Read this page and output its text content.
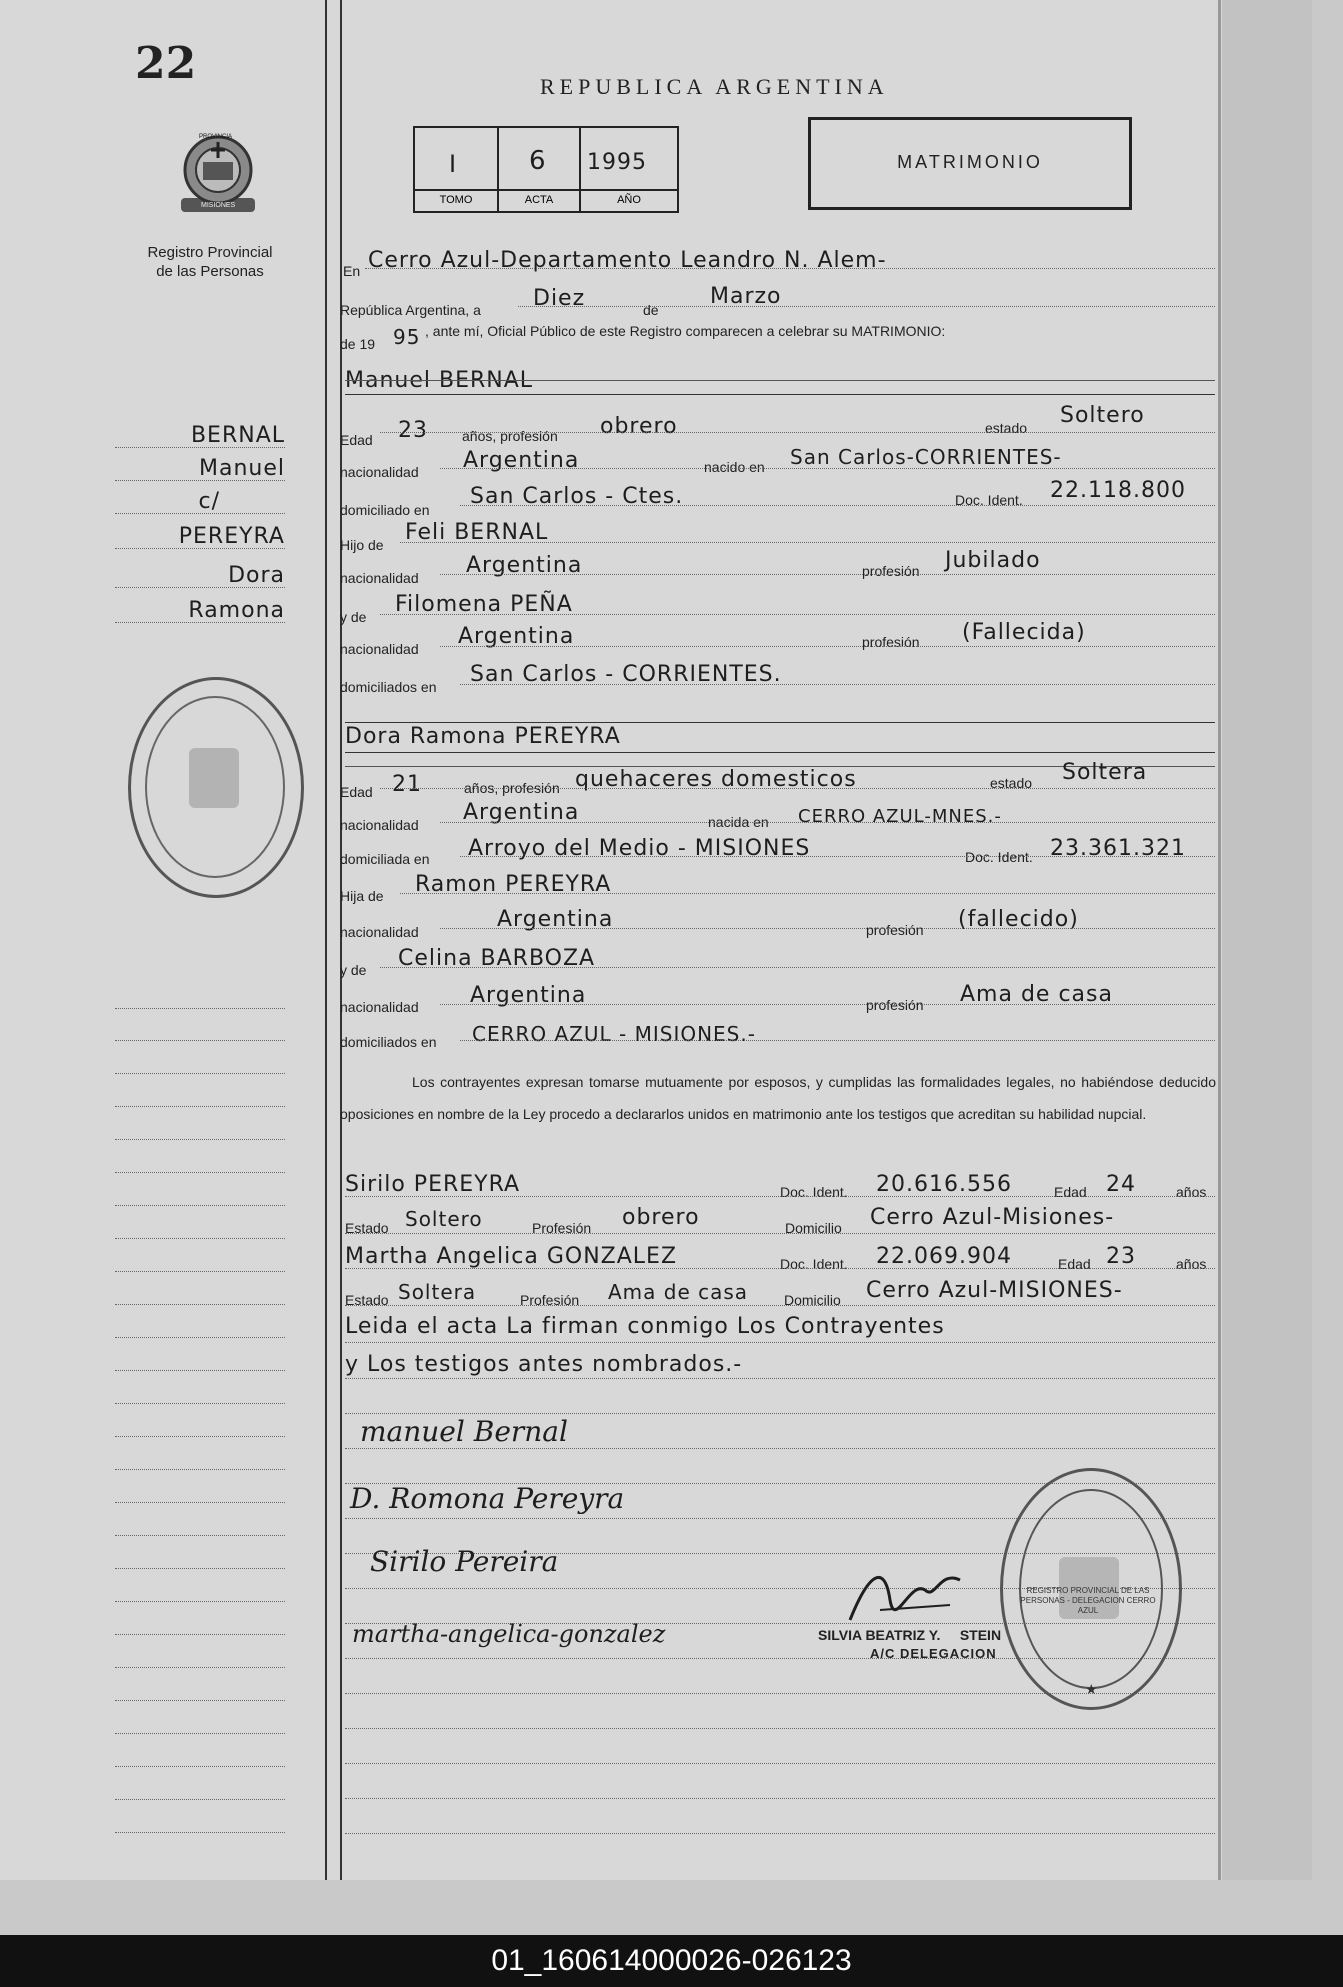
22
PROVINCIA
MISIONES
Registro Provincial
de las Personas
BERNAL
Manuel
c/
PEREYRA
Dora
Ramona
REPUBLICA ARGENTINA
I	6 1995
TOMO	ACTA	AÑO
MATRIMONIO
En Cerro Azul-Departamento Leandro N. Alem-
República Argentina, a Diez	de
Marzo
de 19 95 , ante mí, Oficial Público de este Registro comparecen a celebrar su MATRIMONIO:
Manuel BERNAL
Edad 23 años, profesión obrero	estado Soltero
nacionalidad Argentina	nacido en San Carlos-CORRIENTES-
domiciliado en
San Carlos - Ctes.	Doc. Ident. 22.118.800
Hijo de Feli BERNAL
nacionalidad Argentina	profesión Jubilado
y de Filomena PEÑA
nacionalidad Argentina	profesión (Fallecida)
domiciliados en San Carlos - CORRIENTES.
Dora Ramona PEREYRA
Edad 21	años, profesión quehaceres domesticos	estado Soltera
nacionalidad Argentina	nacida en CERRO AZUL-MNES.-
domiciliada en Arroyo del Medio - MISIONES	Doc. Ident. 23.361.321
Hija de Ramon PEREYRA
nacionalidad	Argentina	profesión (fallecido)
y de Celina BARBOZA
nacionalidad Argentina	profesión Ama de casa
domiciliados en CERRO AZUL - MISIONES.-
Los contrayentes expresan tomarse mutuamente por esposos, y cumplidas las formalidades legales, no habiéndose deducido oposiciones en nombre de la Ley procedo a declararlos unidos en matrimonio ante los testigos que acreditan su habilidad nupcial.
Sirilo PEREYRA	Doc. Ident. 20.616.556	Edad 24	años
Estado Soltero	Profesión obrero	Domicilio Cerro Azul-Misiones-
Martha Angelica GONZALEZ	Doc. Ident. 22.069.904	Edad 23	años
Estado Soltera	Profesión Ama de casa	Domicilio Cerro Azul-MISIONES-
Leida el acta La firman conmigo Los Contrayentes
y Los testigos antes nombrados.-
manuel Bernal
D. Romona Pereyra
Sirilo Pereira
martha-angelica-gonzalez	SILVIA BEATRIZ Y.     STEIN
A/C DELEGACION
★
REGISTRO PROVINCIAL DE LAS PERSONAS - DELEGACION CERRO AZUL
01_160614000026-026123
